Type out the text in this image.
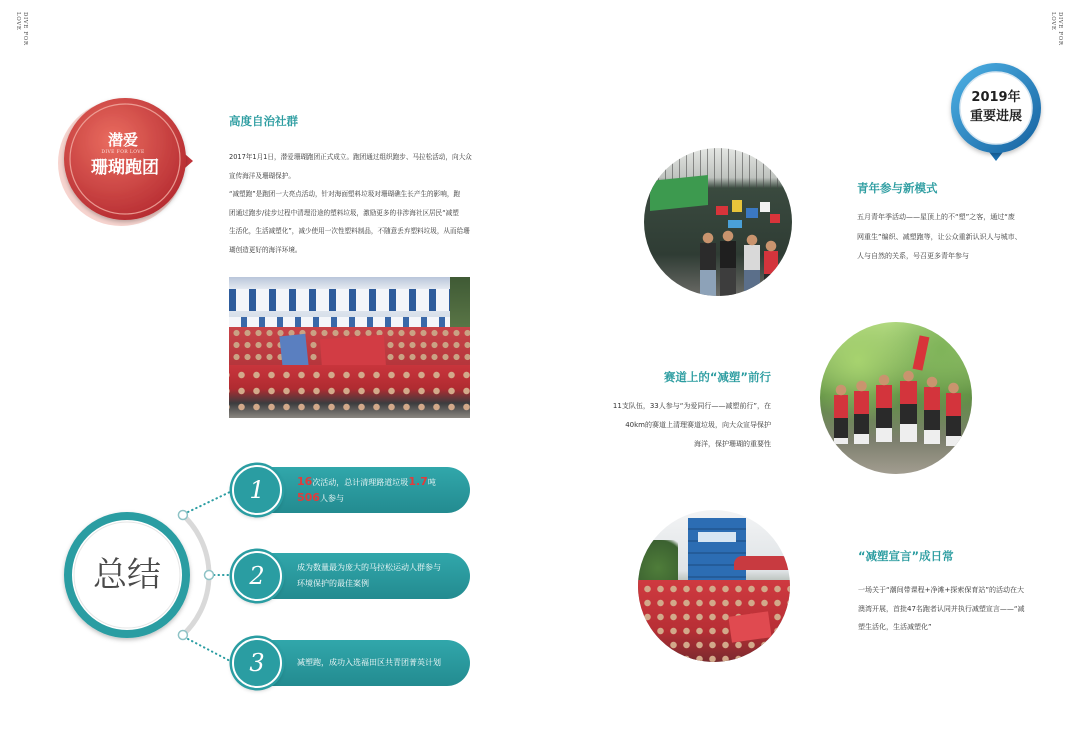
DIVE FOR
LOVE	DIVE FOR
LOVE
潜爱
DIVE FOR LOVE
珊瑚跑团
高度自治社群
2017年1月1日，潜爱珊瑚跑团正式成立。跑团通过组织跑步、马拉松活动，向大众
宣传海洋及珊瑚保护。
“减塑跑”是跑团一大亮点活动，针对海面塑料垃圾对珊瑚礁生长产生的影响，跑
团通过跑步/徒步过程中清理沿途的塑料垃圾，激励更多的非涉海社区居民“减塑
生活化，生活减塑化”，减少使用一次性塑料制品，不随意丢弃塑料垃圾，从而给珊
瑚创造更好的海洋环境。
总结
1	16次活动，总计清理路道垃圾1.7吨
506人参与
2	成为数量最为庞大的马拉松运动人群参与
环境保护的最佳案例
3	减塑跑，成功入选福田区共青团菁英计划
2019年
重要进展
青年参与新模式
五月青年季活动——星顶上的不“塑”之客，通过“废
网重生”编织、减塑跑等，让公众重新认识人与城市、
人与自然的关系，号召更多青年参与
赛道上的“减塑”前行
11支队伍，33人参与“为爱同行——减塑前行”，在
40km的赛道上清理赛道垃圾，向大众宣导保护
海洋，保护珊瑚的重要性
“减塑宣言”成日常
一场关于“潮间带课程+净滩+探索保育站”的活动在大
澳湾开展，首批47名跑者认同并执行减塑宣言——“减
塑生活化，生活减塑化”
